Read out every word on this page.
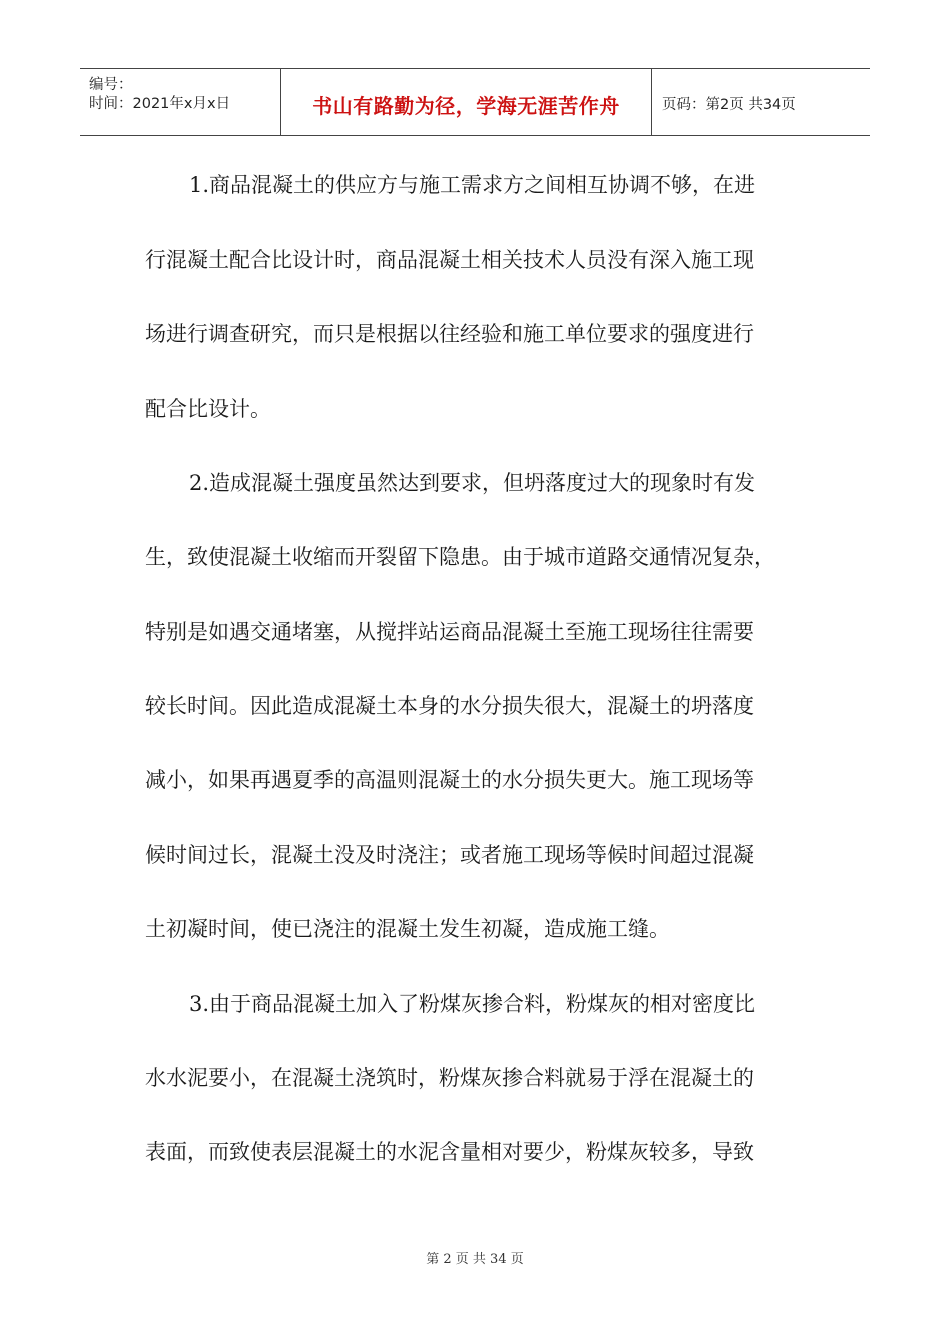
编号：
时间：2021年x月x日	书山有路勤为径，学海无涯苦作舟	页码：第2页 共34页
1.商品混凝土的供应方与施工需求方之间相互协调不够，在进
行混凝土配合比设计时，商品混凝土相关技术人员没有深入施工现
场进行调查研究，而只是根据以往经验和施工单位要求的强度进行
配合比设计。
2.造成混凝土强度虽然达到要求，但坍落度过大的现象时有发
生，致使混凝土收缩而开裂留下隐患。由于城市道路交通情况复杂，
特别是如遇交通堵塞，从搅拌站运商品混凝土至施工现场往往需要
较长时间。因此造成混凝土本身的水分损失很大，混凝土的坍落度
减小，如果再遇夏季的高温则混凝土的水分损失更大。施工现场等
候时间过长，混凝土没及时浇注；或者施工现场等候时间超过混凝
土初凝时间，使已浇注的混凝土发生初凝，造成施工缝。
3.由于商品混凝土加入了粉煤灰掺合料，粉煤灰的相对密度比
水水泥要小，在混凝土浇筑时，粉煤灰掺合料就易于浮在混凝土的
表面，而致使表层混凝土的水泥含量相对要少，粉煤灰较多，导致
第 2 页 共 34 页
